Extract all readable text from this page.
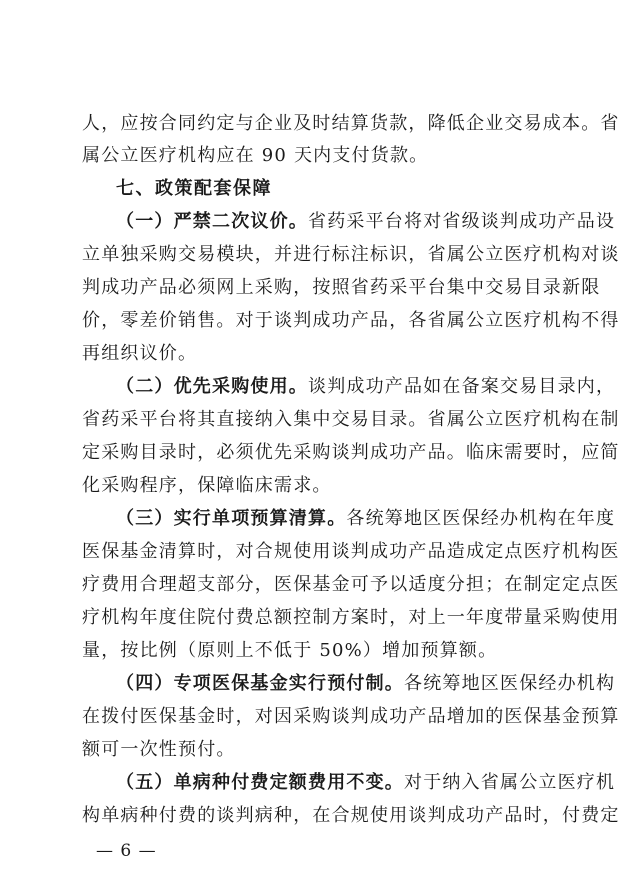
人，应按合同约定与企业及时结算货款，降低企业交易成本。省
属公立医疗机构应在 90 天内支付货款。
七、政策配套保障
（一）严禁二次议价。省药采平台将对省级谈判成功产品设
立单独采购交易模块，并进行标注标识，省属公立医疗机构对谈
判成功产品必须网上采购，按照省药采平台集中交易目录新限
价，零差价销售。对于谈判成功产品，各省属公立医疗机构不得
再组织议价。
（二）优先采购使用。谈判成功产品如在备案交易目录内，
省药采平台将其直接纳入集中交易目录。省属公立医疗机构在制
定采购目录时，必须优先采购谈判成功产品。临床需要时，应简
化采购程序，保障临床需求。
（三）实行单项预算清算。各统筹地区医保经办机构在年度
医保基金清算时，对合规使用谈判成功产品造成定点医疗机构医
疗费用合理超支部分，医保基金可予以适度分担；在制定定点医
疗机构年度住院付费总额控制方案时，对上一年度带量采购使用
量，按比例（原则上不低于 50%）增加预算额。
（四）专项医保基金实行预付制。各统筹地区医保经办机构
在拨付医保基金时，对因采购谈判成功产品增加的医保基金预算
额可一次性预付。
（五）单病种付费定额费用不变。对于纳入省属公立医疗机
构单病种付费的谈判病种，在合规使用谈判成功产品时，付费定
— 6 —
